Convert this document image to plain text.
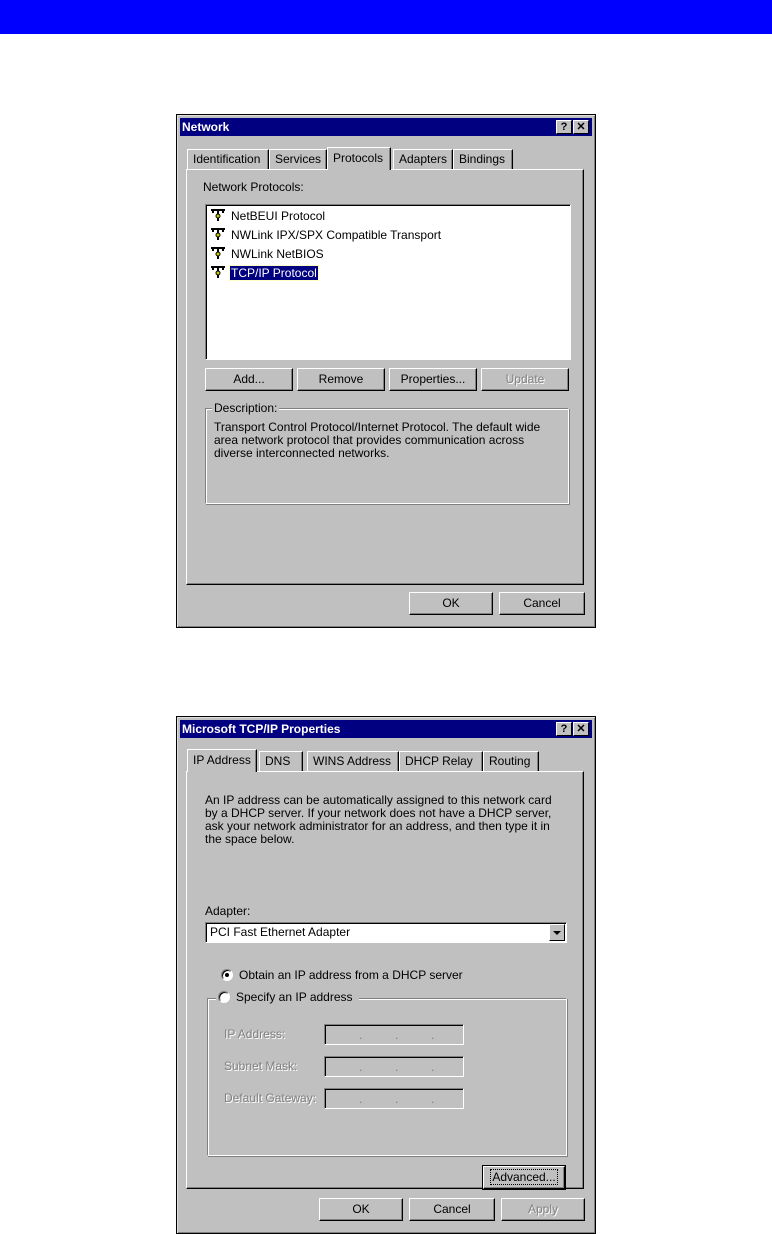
Network	? ✕
Identification	Services Protocols	Adapters Bindings
Network Protocols:
NetBEUI Protocol
NWLink IPX/SPX Compatible Transport
NWLink NetBIOS
TCP/IP Protocol
Add...	Remove	Properties...	Update
Description:
Transport Control Protocol/Internet Protocol. The default wide
area network protocol that provides communication across
diverse interconnected networks.
OK	Cancel
Microsoft TCP/IP Properties	? ✕
IP Address	DNS	WINS Address	DHCP Relay	Routing
An IP address can be automatically assigned to this network card
by a DHCP server. If your network does not have a DHCP server,
ask your network administrator for an address, and then type it in
the space below.
Adapter:
PCI Fast Ethernet Adapter
Obtain an IP address from a DHCP server
Specify an IP address
IP Address:	.	.	.
Subnet Mask:	.	.	.
Default Gateway:	.	.	.
Advanced...
OK	Cancel	Apply
